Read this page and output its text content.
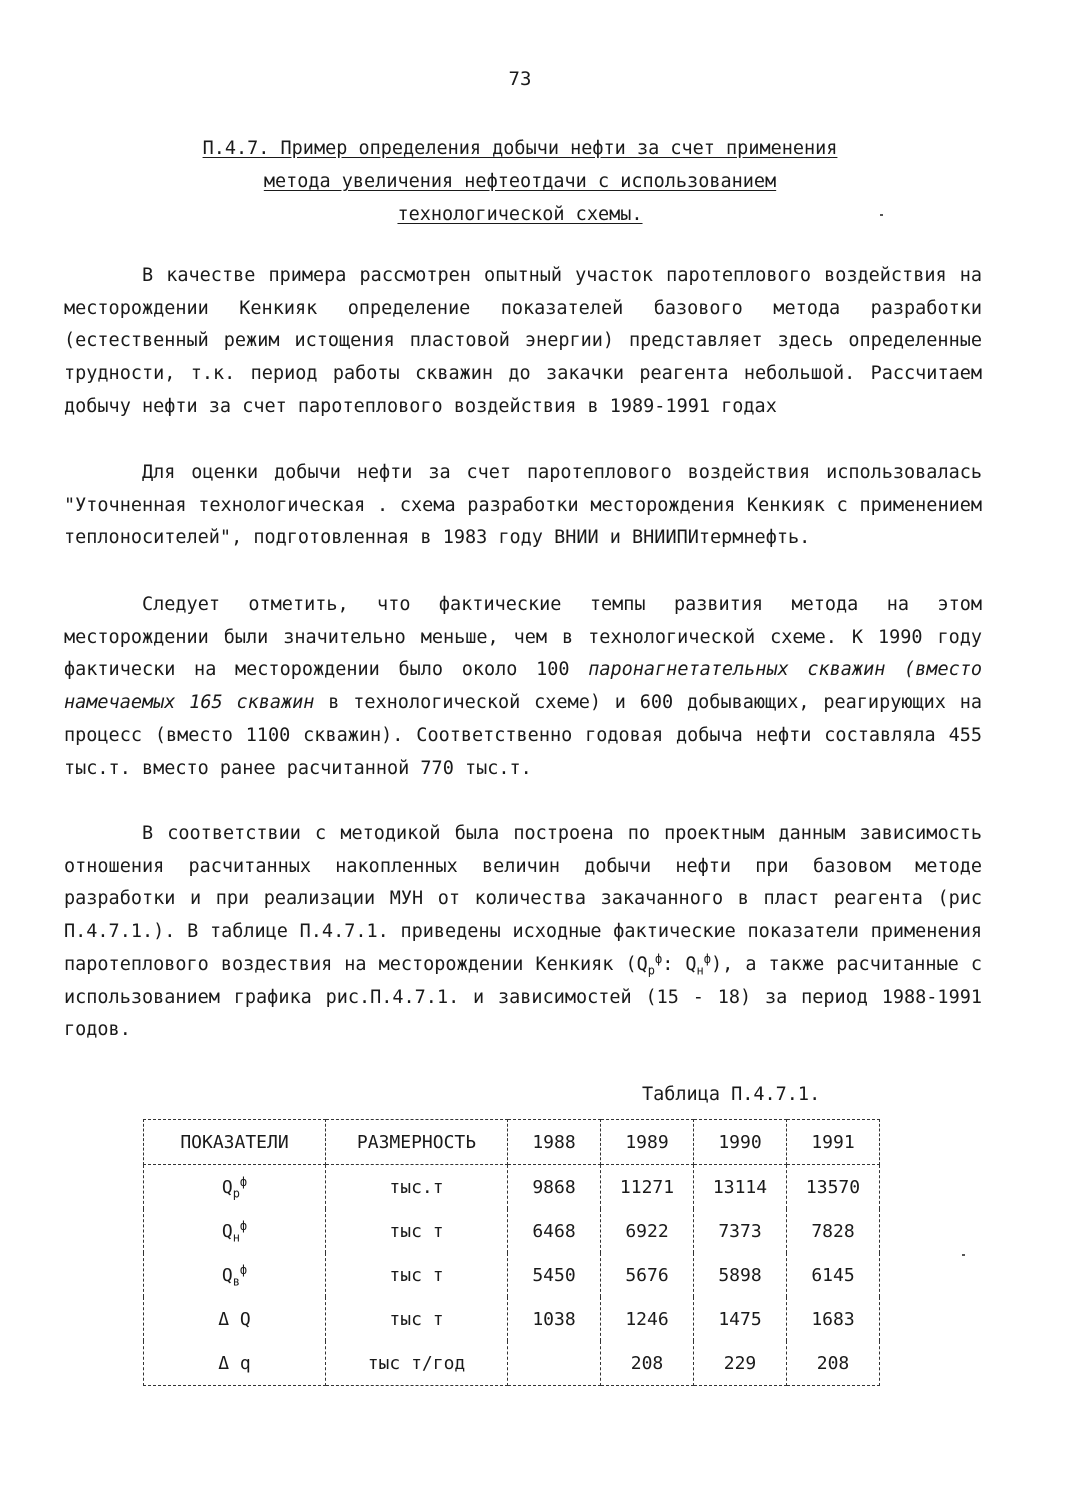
73
П.4.7. Пример определения добычи нефти за счет применения
метода увеличения нефтеотдачи с использованием
технологической схемы.

В качестве примера рассмотрен опытный участок паротеплового воздействия на месторождении Кенкияк определение показателей базового метода разработки (естественный режим истощения пластовой энергии) представляет здесь определенные трудности, т.к. период работы скважин до закачки реагента небольшой. Рассчитаем добычу нефти за счет паротеплового воздействия в 1989-1991 годах

Для оценки добычи нефти за счет паротеплового воздействия использовалась "Уточненная технологическая . схема разработки месторождения Кенкияк с применением теплоносителей", подготовленная в 1983 году ВНИИ и ВНИИПИтермнефть.

Следует отметить, что фактические темпы развития метода на этом месторождении были значительно меньше, чем в технологической схеме. К 1990 году фактически на месторождении было около 100 паронагнетательных скважин (вместо намечаемых 165 скважин в технологической схеме) и 600 добывающих, реагирующих на процесс (вместо 1100 скважин). Соответственно годовая добыча нефти составляла 455 тыс.т. вместо ранее расчитанной 770 тыс.т.

В соответствии с методикой была построена по проектным данным зависимость отношения расчитанных накопленных величин добычи нефти при базовом методе разработки и при реализации МУН от количества закачанного в пласт реагента (рис П.4.7.1.). В таблице П.4.7.1. приведены исходные фактические показатели применения паротеплового воздествия на месторождении Кенкияк ($Q_р^ф$: $Q_н^ф$), а также расчитанные с использованием графика рис.П.4.7.1. и зависимостей (15 - 18) за период 1988-1991 годов.

Таблица П.4.7.1.
ПОКАЗАТЕЛИ	РАЗМЕРНОСТЬ	1988	1989	1990	1991
$Q_р^ф$	тыс.т	9868	11271	13114	13570
$Q_н^ф$	тыс т	6468	6922	7373	7828
$Q_в^ф$	тыс т	5450	5676	5898	6145
Δ Q	тыс т	1038	1246	1475	1683
Δ q	тыс т/год		208	229	208
